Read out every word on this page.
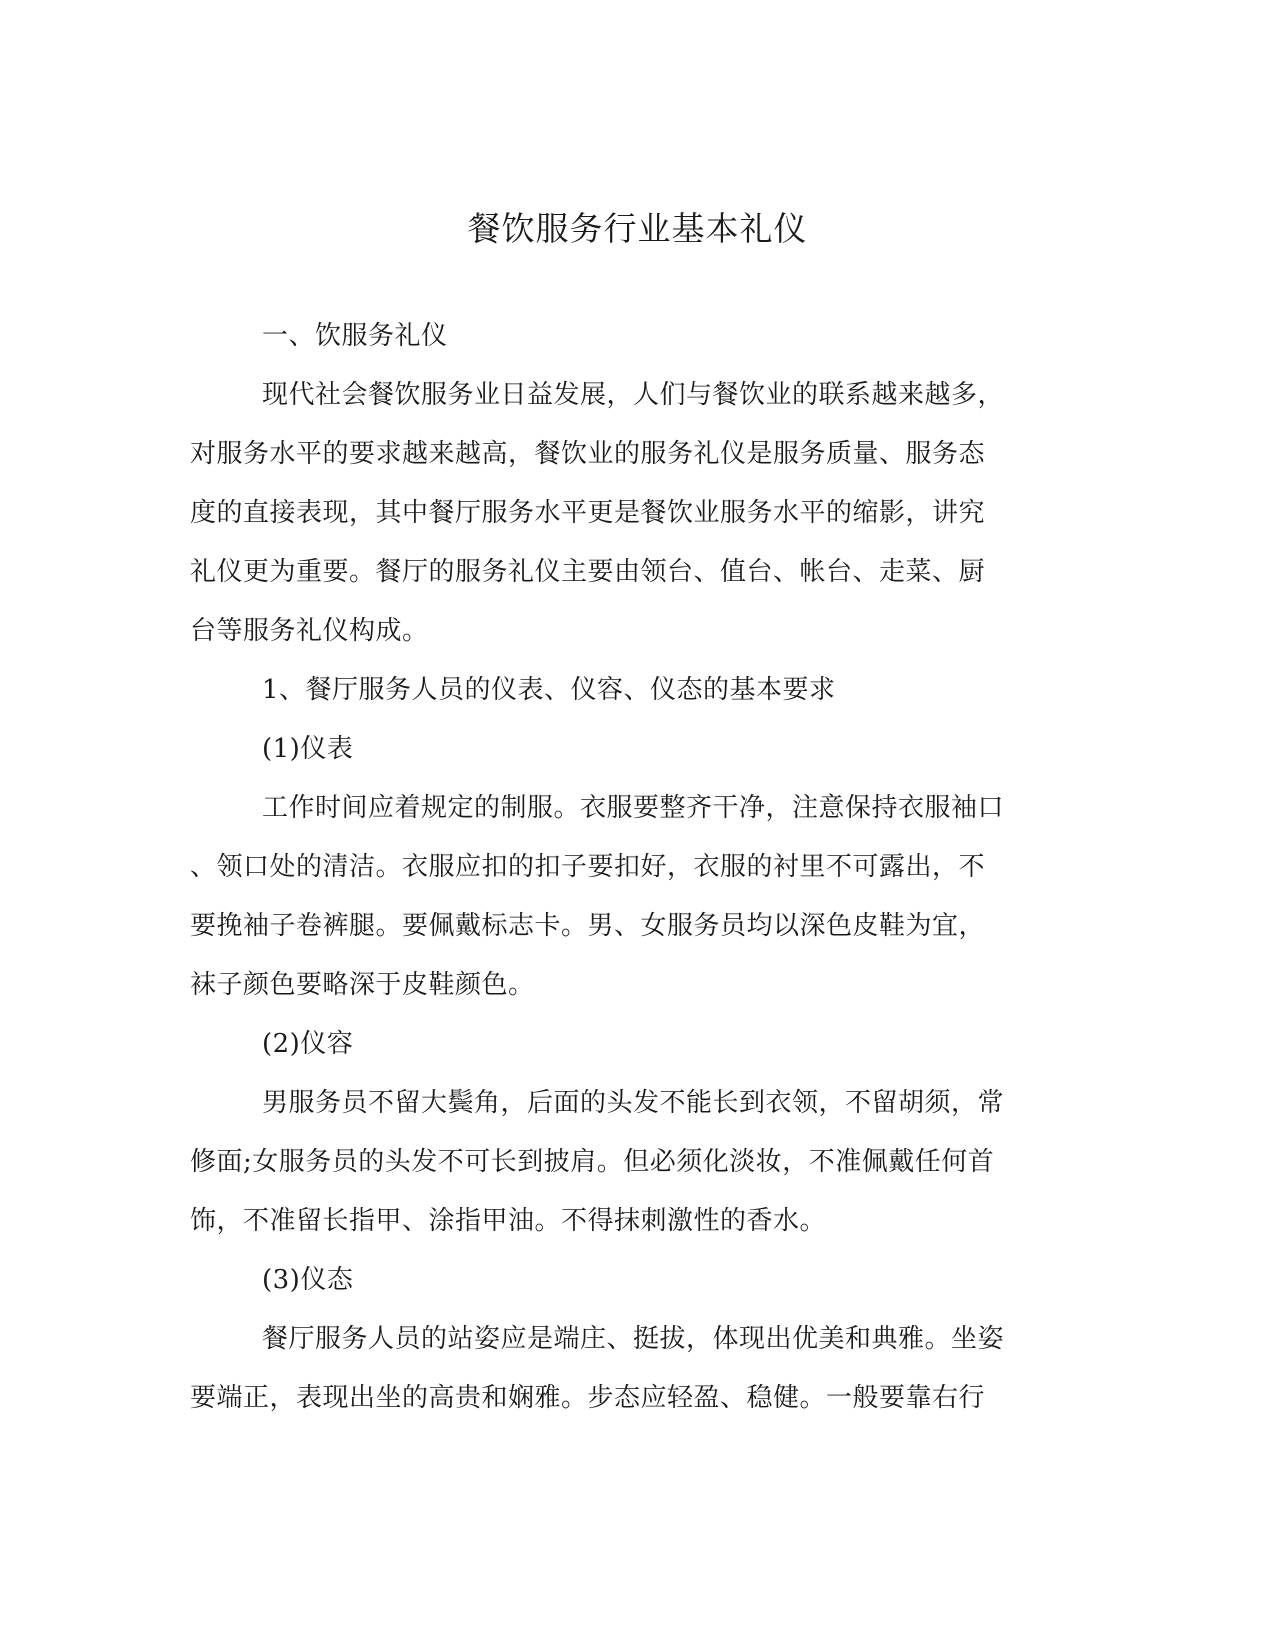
餐饮服务行业基本礼仪
一、饮服务礼仪
现代社会餐饮服务业日益发展，人们与餐饮业的联系越来越多，
对服务水平的要求越来越高，餐饮业的服务礼仪是服务质量、服务态
度的直接表现，其中餐厅服务水平更是餐饮业服务水平的缩影，讲究
礼仪更为重要。餐厅的服务礼仪主要由领台、值台、帐台、走菜、厨
台等服务礼仪构成。
1、餐厅服务人员的仪表、仪容、仪态的基本要求
(1)仪表
工作时间应着规定的制服。衣服要整齐干净，注意保持衣服袖口
、领口处的清洁。衣服应扣的扣子要扣好，衣服的衬里不可露出，不
要挽袖子卷裤腿。要佩戴标志卡。男、女服务员均以深色皮鞋为宜，
袜子颜色要略深于皮鞋颜色。
(2)仪容
男服务员不留大鬓角，后面的头发不能长到衣领，不留胡须，常
修面;女服务员的头发不可长到披肩。但必须化淡妆，不准佩戴任何首
饰，不准留长指甲、涂指甲油。不得抹刺激性的香水。
(3)仪态
餐厅服务人员的站姿应是端庄、挺拔，体现出优美和典雅。坐姿
要端正，表现出坐的高贵和娴雅。步态应轻盈、稳健。一般要靠右行
